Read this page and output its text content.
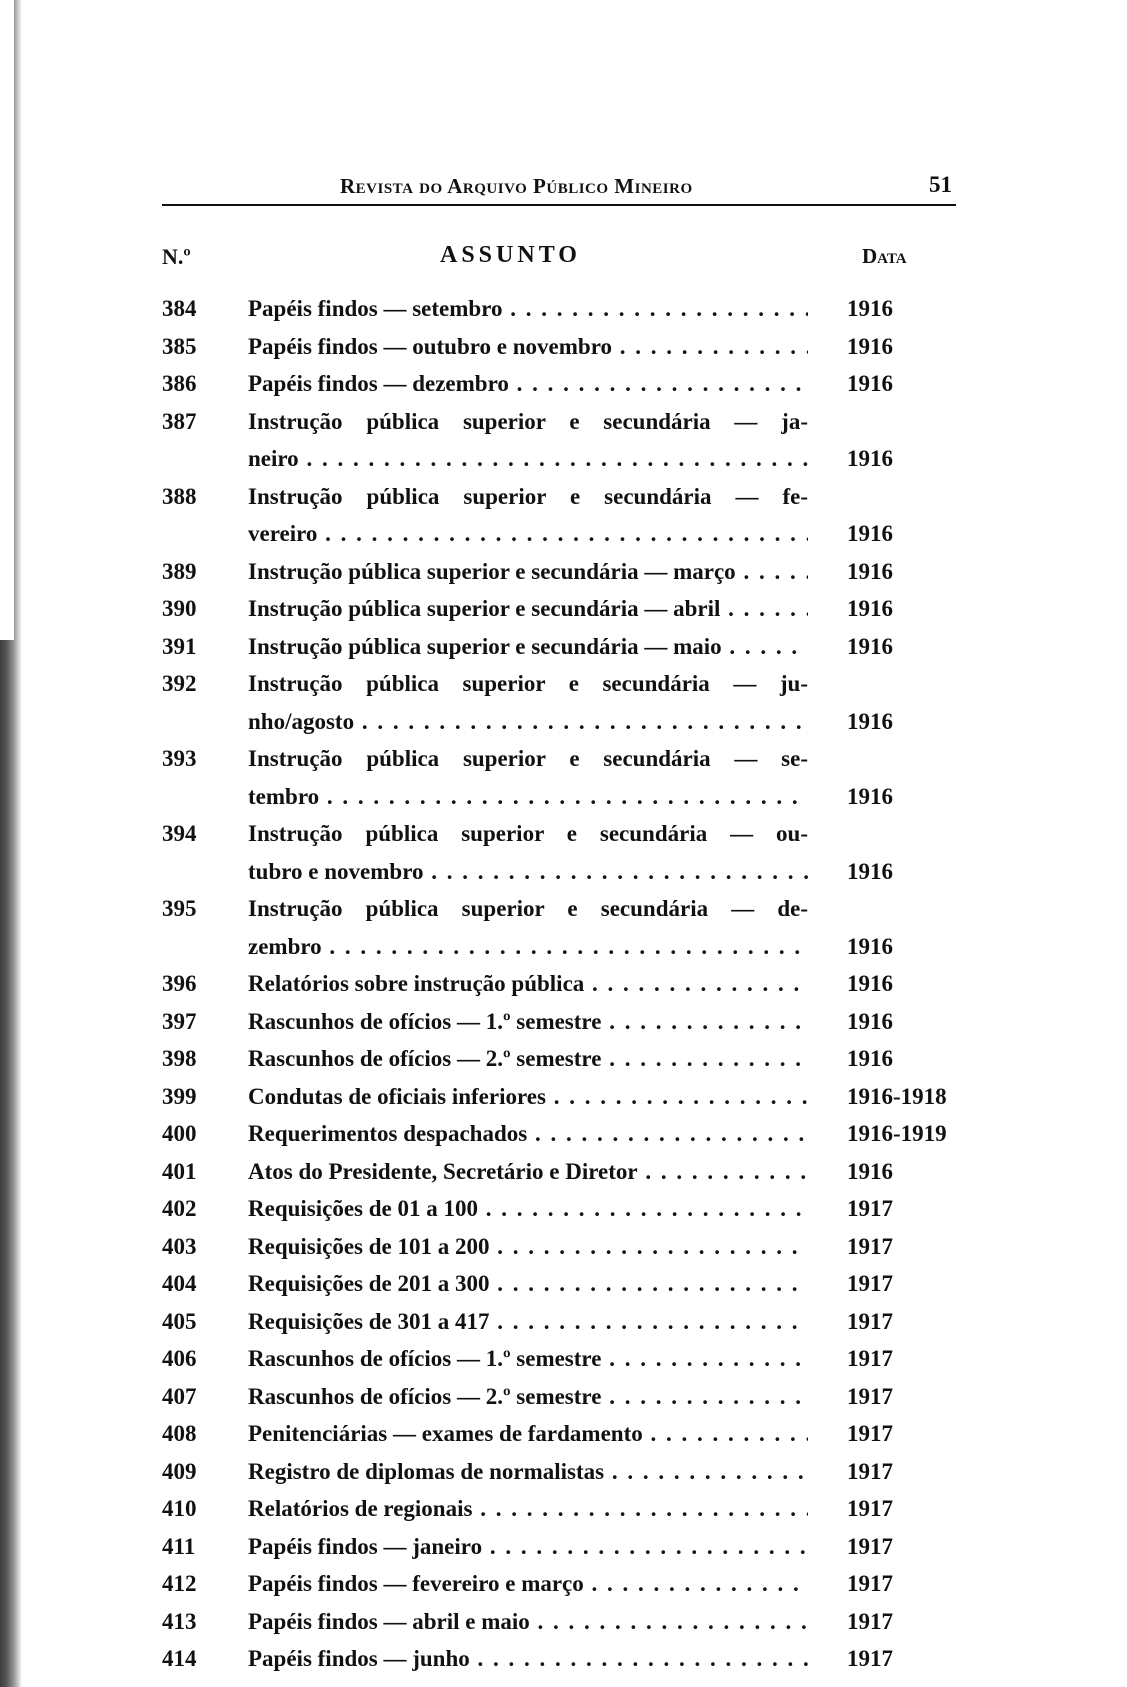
Revista do Arquivo Público Mineiro	51
N.º	ASSUNTO	Data
384	Papéis findos — setembro . . .	1916
385	Papéis findos — outubro e novembro . . .	1916
386	Papéis findos — dezembro . . .	1916
387	Instrução pública superior e secundária — ja-
neiro . . .	1916
388	Instrução pública superior e secundária — fe-
vereiro . . .	1916
389	Instrução pública superior e secundária — março . . .	1916
390	Instrução pública superior e secundária — abril . . .	1916
391	Instrução pública superior e secundária — maio . . .	1916
392	Instrução pública superior e secundária — ju-
nho/agosto . . .	1916
393	Instrução pública superior e secundária — se-
tembro . . .	1916
394	Instrução pública superior e secundária — ou-
tubro e novembro . . .	1916
395	Instrução pública superior e secundária — de-
zembro . . .	1916
396	Relatórios sobre instrução pública . . .	1916
397	Rascunhos de ofícios — 1.º semestre . . .	1916
398	Rascunhos de ofícios — 2.º semestre . . .	1916
399	Condutas de oficiais inferiores . . .	1916-1918
400	Requerimentos despachados . . .	1916-1919
401	Atos do Presidente, Secretário e Diretor . . .	1916
402	Requisições de 01 a 100 . . .	1917
403	Requisições de 101 a 200 . . .	1917
404	Requisições de 201 a 300 . . .	1917
405	Requisições de 301 a 417 . . .	1917
406	Rascunhos de ofícios — 1.º semestre . . .	1917
407	Rascunhos de ofícios — 2.º semestre . . .	1917
408	Penitenciárias — exames de fardamento . . .	1917
409	Registro de diplomas de normalistas . . .	1917
410	Relatórios de regionais . . .	1917
411	Papéis findos — janeiro . . .	1917
412	Papéis findos — fevereiro e março . . .	1917
413	Papéis findos — abril e maio . . .	1917
414	Papéis findos — junho . . .	1917
